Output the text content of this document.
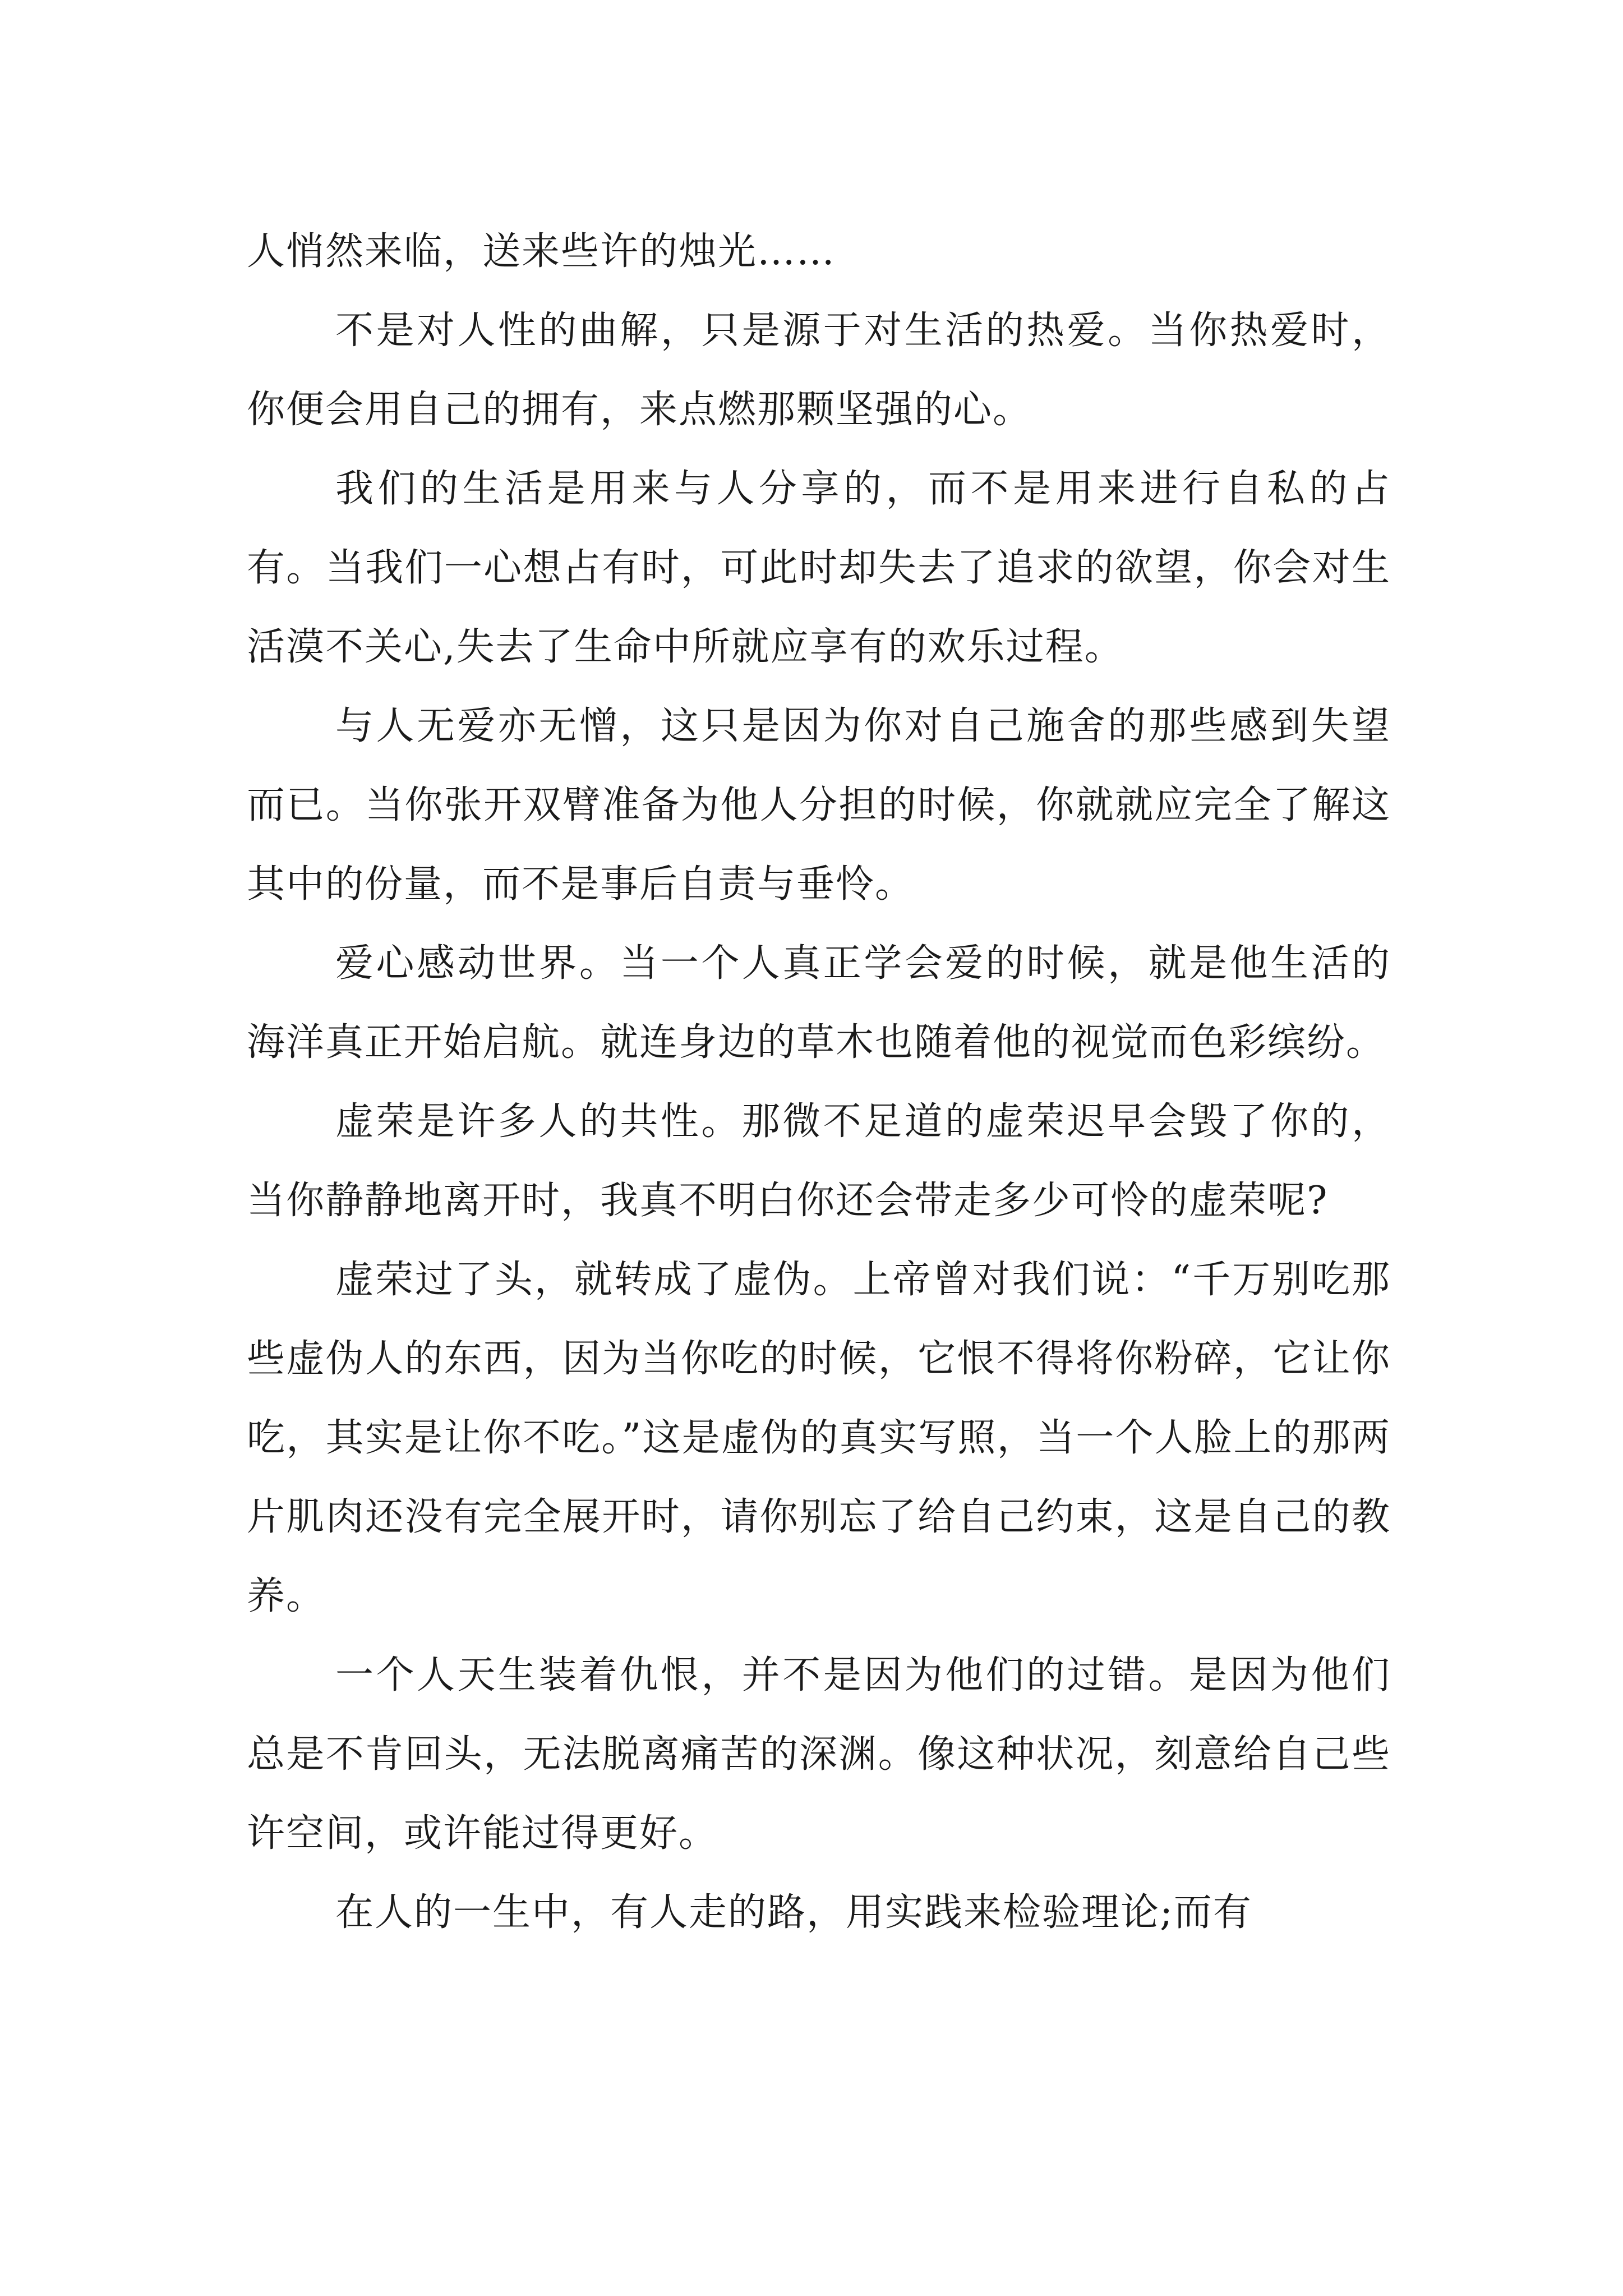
人悄然来临，送来些许的烛光……

不是对人性的曲解，只是源于对生活的热爱。当你热爱时，你便会用自己的拥有，来点燃那颗坚强的心。

我们的生活是用来与人分享的，而不是用来进行自私的占有。当我们一心想占有时，可此时却失去了追求的欲望，你会对生活漠不关心,失去了生命中所就应享有的欢乐过程。

与人无爱亦无憎，这只是因为你对自己施舍的那些感到失望而已。当你张开双臂准备为他人分担的时候，你就就应完全了解这其中的份量，而不是事后自责与垂怜。

爱心感动世界。当一个人真正学会爱的时候，就是他生活的海洋真正开始启航。就连身边的草木也随着他的视觉而色彩缤纷。

虚荣是许多人的共性。那微不足道的虚荣迟早会毁了你的，当你静静地离开时，我真不明白你还会带走多少可怜的虚荣呢?

虚荣过了头，就转成了虚伪。上帝曾对我们说：“千万别吃那些虚伪人的东西，因为当你吃的时候，它恨不得将你粉碎，它让你吃，其实是让你不吃。”这是虚伪的真实写照，当一个人脸上的那两片肌肉还没有完全展开时，请你别忘了给自己约束，这是自己的教养。

一个人天生装着仇恨，并不是因为他们的过错。是因为他们总是不肯回头，无法脱离痛苦的深渊。像这种状况，刻意给自己些许空间，或许能过得更好。

在人的一生中，有人走的路，用实践来检验理论;而有
